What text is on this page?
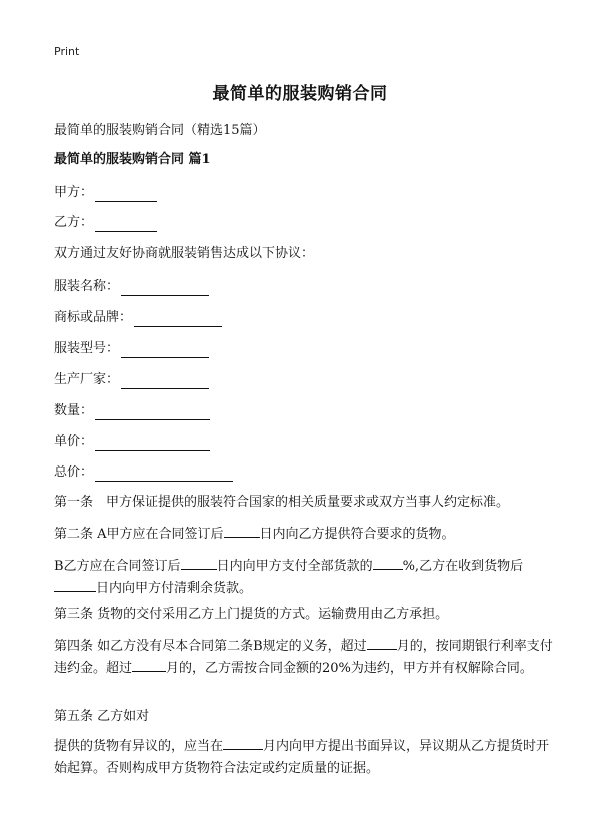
Print
最简单的服装购销合同
最简单的服装购销合同（精选15篇）
最简单的服装购销合同 篇1
甲方：
乙方：
双方通过友好协商就服装销售达成以下协议：
服装名称：
商标或品牌：
服装型号：
生产厂家：
数量：
单价：
总价：
第一条　甲方保证提供的服装符合国家的相关质量要求或双方当事人约定标准。
第二条 A甲方应在合同签订后	日内向乙方提供符合要求的货物。
B乙方应在合同签订后	日内向甲方支付全部货款的 %,乙方在收到货物后
日内向甲方付清剩余货款。
第三条 货物的交付采用乙方上门提货的方式。运输费用由乙方承担。
第四条 如乙方没有尽本合同第二条B规定的义务，超过 月的，按同期银行利率支付违约金。超过	月的，乙方需按合同金额的20%为违约，甲方并有权解除合同。
第五条 乙方如对
提供的货物有异议的，应当在	月内向甲方提出书面异议，异议期从乙方提货时开始起算。否则构成甲方货物符合法定或约定质量的证据。
